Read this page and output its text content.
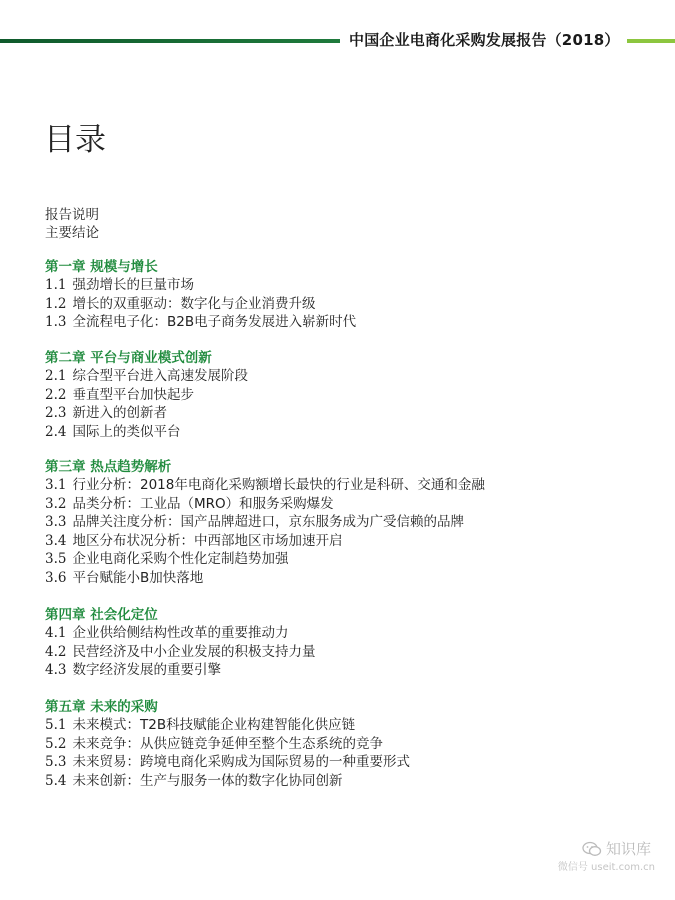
中国企业电商化采购发展报告（2018）
目录
报告说明
主要结论
第一章 规模与增长
1.1 强劲增长的巨量市场
1.2 增长的双重驱动：数字化与企业消费升级
1.3 全流程电子化：B2B电子商务发展进入崭新时代
第二章 平台与商业模式创新
2.1 综合型平台进入高速发展阶段
2.2 垂直型平台加快起步
2.3 新进入的创新者
2.4 国际上的类似平台
第三章 热点趋势解析
3.1 行业分析：2018年电商化采购额增长最快的行业是科研、交通和金融
3.2 品类分析：工业品（MRO）和服务采购爆发
3.3 品牌关注度分析：国产品牌超进口，京东服务成为广受信赖的品牌
3.4 地区分布状况分析：中西部地区市场加速开启
3.5 企业电商化采购个性化定制趋势加强
3.6 平台赋能小B加快落地
第四章 社会化定位
4.1 企业供给侧结构性改革的重要推动力
4.2 民营经济及中小企业发展的积极支持力量
4.3 数字经济发展的重要引擎
第五章 未来的采购
5.1 未来模式：T2B科技赋能企业构建智能化供应链
5.2 未来竞争：从供应链竞争延伸至整个生态系统的竞争
5.3 未来贸易：跨境电商化采购成为国际贸易的一种重要形式
5.4 未来创新：生产与服务一体的数字化协同创新
知识库
微信号 useit.com.cn
